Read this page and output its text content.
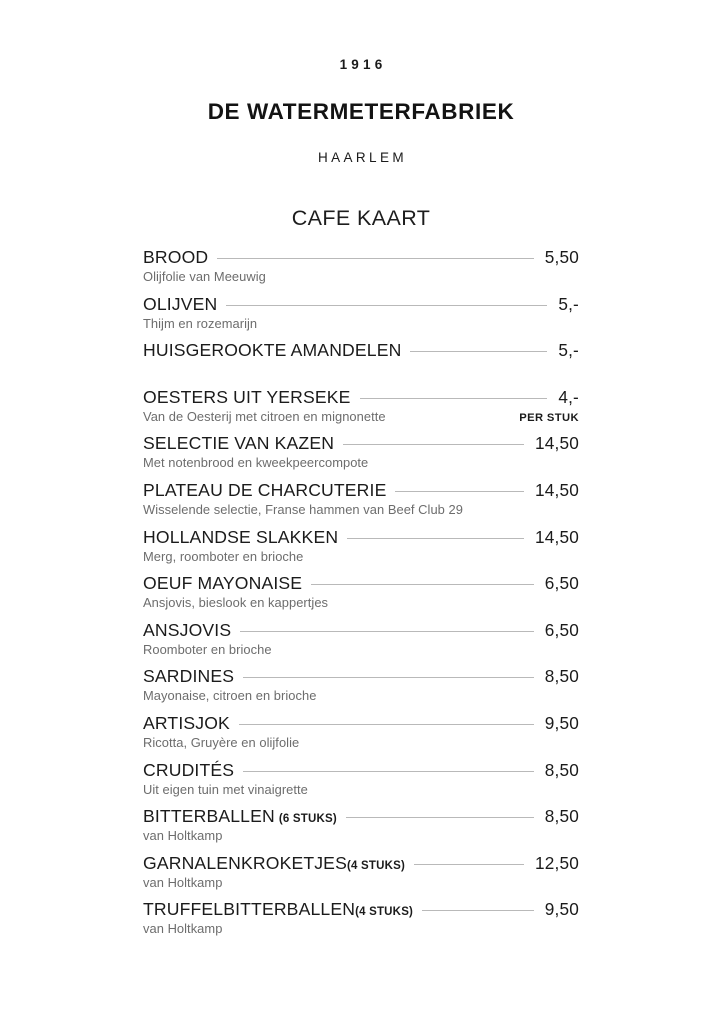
1916
DE WATERMETERFABRIEK
HAARLEM
CAFE KAART
BROOD	5,50
Olijfolie van Meeuwig
OLIJVEN	5,-
Thijm en rozemarijn
HUISGEROOKTE AMANDELEN	5,-
OESTERS UIT YERSEKE	4,-
Van de Oesterij met citroen en mignonette	PER STUK
SELECTIE VAN KAZEN	14,50
Met notenbrood en kweekpeercompote
PLATEAU DE CHARCUTERIE	14,50
Wisselende selectie, Franse hammen van Beef Club 29
HOLLANDSE SLAKKEN	14,50
Merg, roomboter en brioche
OEUF MAYONAISE	6,50
Ansjovis, bieslook en kappertjes
ANSJOVIS	6,50
Roomboter en brioche
SARDINES	8,50
Mayonaise, citroen en brioche
ARTISJOK	9,50
Ricotta, Gruyère en olijfolie
CRUDITÉS	8,50
Uit eigen tuin met vinaigrette
BITTERBALLEN (6 STUKS)	8,50
van Holtkamp
GARNALENKROKETJES (4 STUKS)	12,50
van Holtkamp
TRUFFELBITTERBALLEN (4 STUKS)	9,50
van Holtkamp
